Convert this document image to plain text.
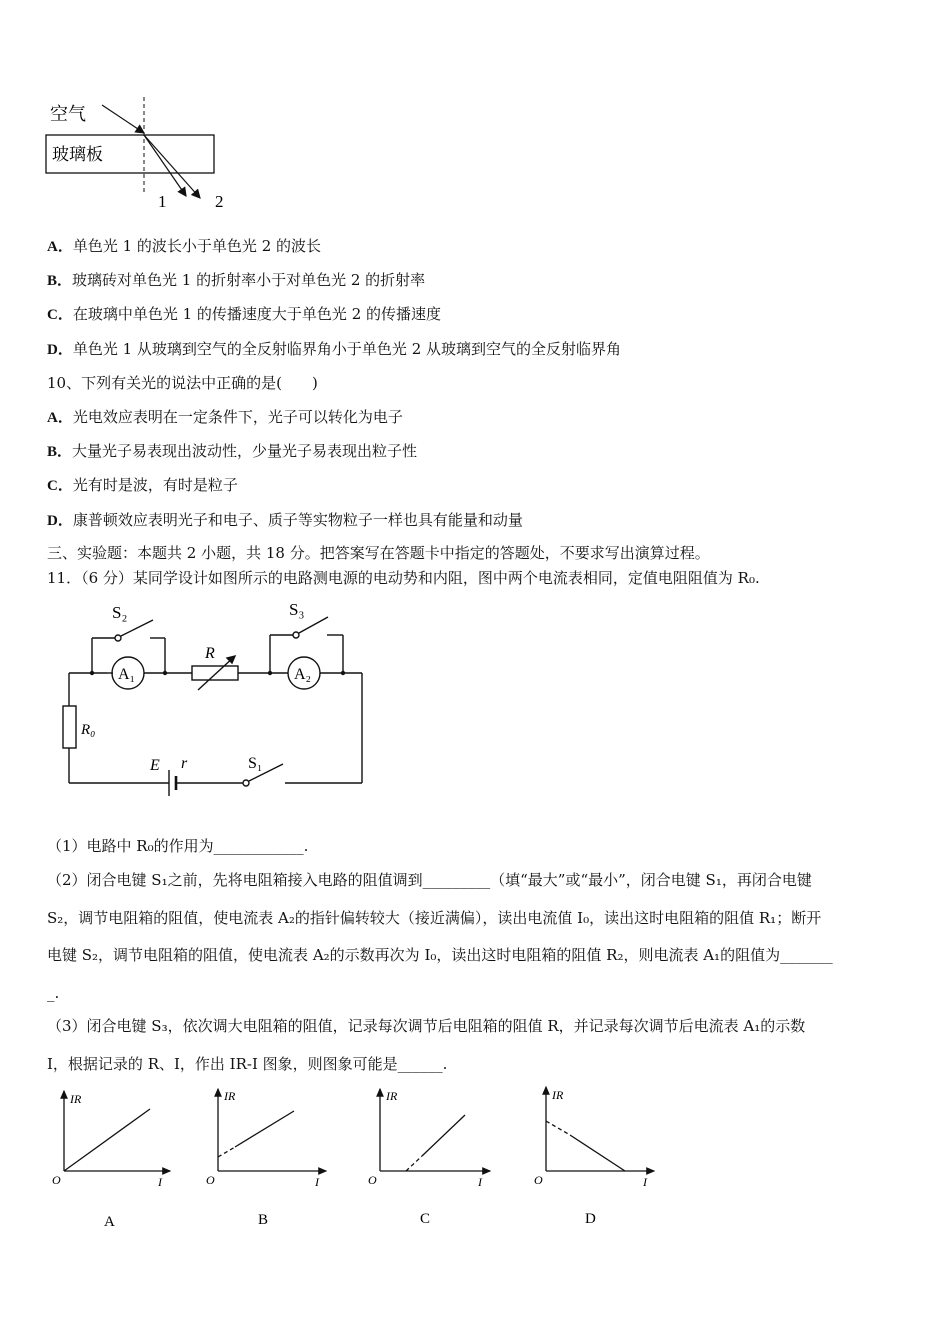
空气
玻璃板
1	2
A．单色光 1 的波长小于单色光 2 的波长
B．玻璃砖对单色光 1 的折射率小于对单色光 2 的折射率
C．在玻璃中单色光 1 的传播速度大于单色光 2 的传播速度
D．单色光 1 从玻璃到空气的全反射临界角小于单色光 2 从玻璃到空气的全反射临界角
10、下列有关光的说法中正确的是(　　)
A．光电效应表明在一定条件下，光子可以转化为电子
B．大量光子易表现出波动性，少量光子易表现出粒子性
C．光有时是波，有时是粒子
D．康普顿效应表明光子和电子、质子等实物粒子一样也具有能量和动量
三、实验题：本题共 2 小题，共 18 分。把答案写在答题卡中指定的答题处，不要求写出演算过程。
11．（6 分）某同学设计如图所示的电路测电源的电动势和内阻，图中两个电流表相同，定值电阻阻值为 R₀.
S₂
A₁
R
S₃
A₂
R₀
E r	S₁
（1）电路中 R₀的作用为____________.
（2）闭合电键 S₁之前，先将电阻箱接入电路的阻值调到_________（填“最大”或“最小”，闭合电键 S₁，再闭合电键
S₂，调节电阻箱的阻值，使电流表 A₂的指针偏转较大（接近满偏），读出电流值 I₀，读出这时电阻箱的阻值 R₁；断开
电键 S₂，调节电阻箱的阻值，使电流表 A₂的示数再次为 I₀，读出这时电阻箱的阻值 R₂，则电流表 A₁的阻值为_______
_.
（3）闭合电键 S₃，依次调大电阻箱的阻值，记录每次调节后电阻箱的阻值 R，并记录每次调节后电流表 A₁的示数
I，根据记录的 R、I，作出 IR-I 图象，则图象可能是______.
IR
O	I
A
IR
O	I
B
IR
O	I
C
IR
O	I
D
